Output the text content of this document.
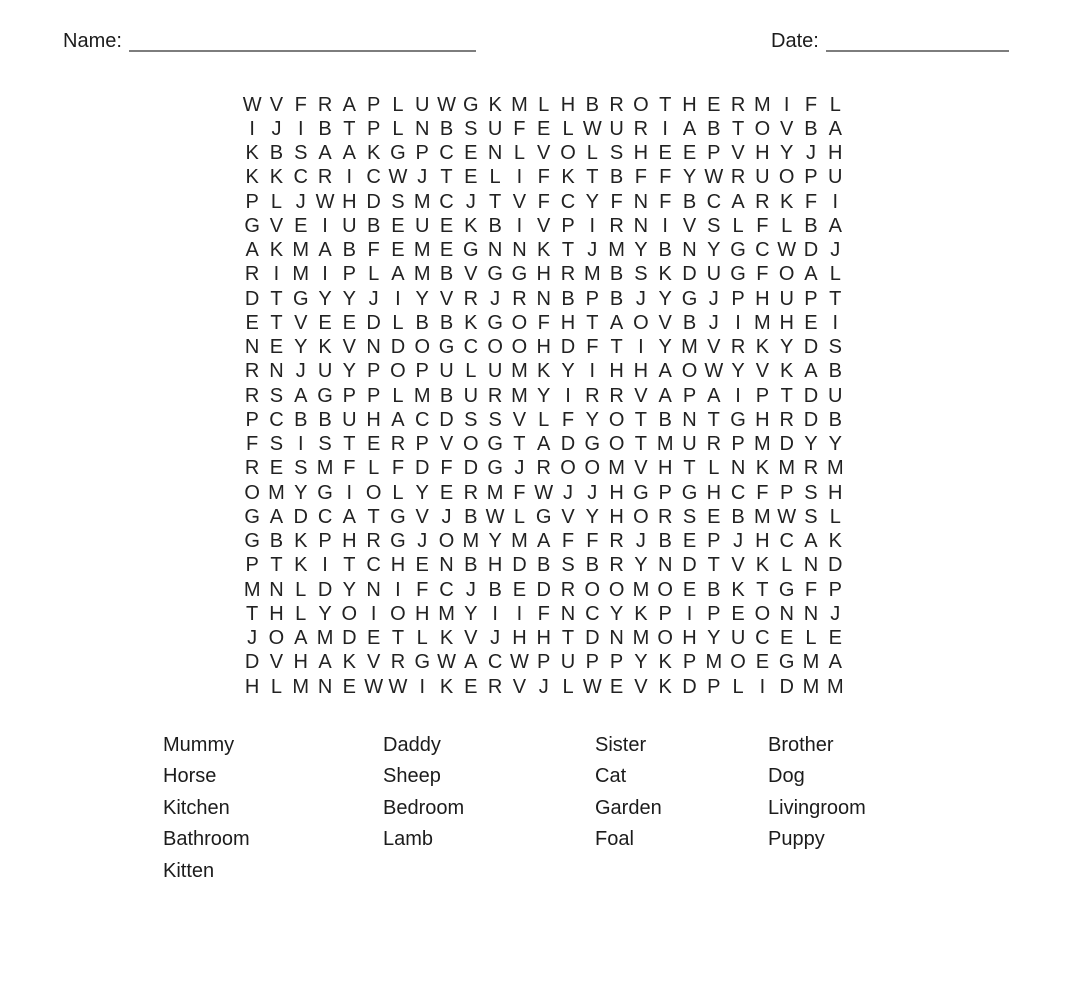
Name:	Date:
W V F R A P L U W G K M L H B R O T H E R M I F L
I J I B T P L N B S U F E L W U R I A B T O V B A
K B S A A K G P C E N L V O L S H E E P V H Y J H
K K C R I C W J T E L I F K T B F F Y W R U O P U
P L J W H D S M C J T V F C Y F N F B C A R K F I
G V E I U B E U E K B I V P I R N I V S L F L B A
A K M A B F E M E G N N K T J M Y B N Y G C W D J
R I M I P L A M B V G G H R M B S K D U G F O A L
D T G Y Y J I Y V R J R N B P B J Y G J P H U P T
E T V E E D L B B K G O F H T A O V B J I M H E I
N E Y K V N D O G C O O H D F T I Y M V R K Y D S
R N J U Y P O P U L U M K Y I H H A O W Y V K A B
R S A G P P L M B U R M Y I R R V A P A I P T D U
P C B B U H A C D S S V L F Y O T B N T G H R D B
F S I S T E R P V O G T A D G O T M U R P M D Y Y
R E S M F L F D F D G J R O O M V H T L N K M R M
O M Y G I O L Y E R M F W J J H G P G H C F P S H
G A D C A T G V J B W L G V Y H O R S E B M W S L
G B K P H R G J O M Y M A F F R J B E P J H C A K
P T K I T C H E N B H D B S B R Y N D T V K L N D
M N L D Y N I F C J B E D R O O M O E B K T G F P
T H L Y O I O H M Y I I F N C Y K P I P E O N N J
J O A M D E T L K V J H H T D N M O H Y U C E L E
D V H A K V R G W A C W P U P P Y K P M O E G M A
H L M N E W W I K E R V J L W E V K D P L I D M M
Mummy
Horse
Kitchen
Bathroom
Kitten
Daddy
Sheep
Bedroom
Lamb
Sister
Cat
Garden
Foal
Brother
Dog
Livingroom
Puppy
